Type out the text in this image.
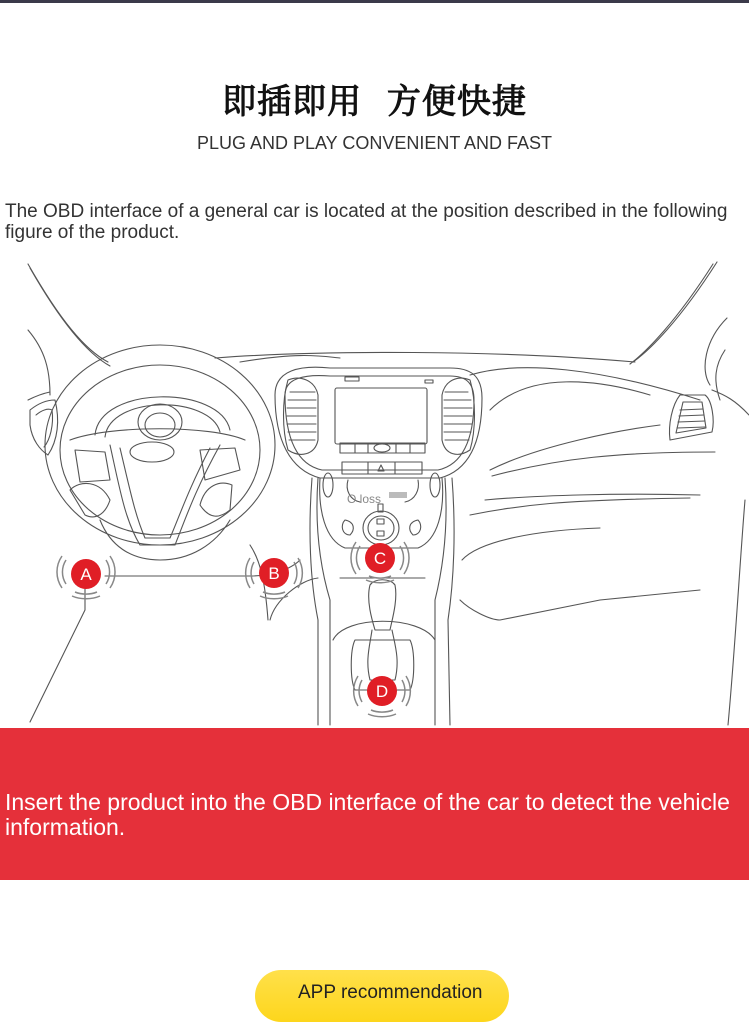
即插即用 方便快捷
PLUG AND PLAY CONVENIENT AND FAST
The OBD interface of a general car is located at the position described in the following figure of the product.
A	B
C
D
O loss
Insert the product into the OBD interface of the car to detect the vehicle information.
APP recommendation
